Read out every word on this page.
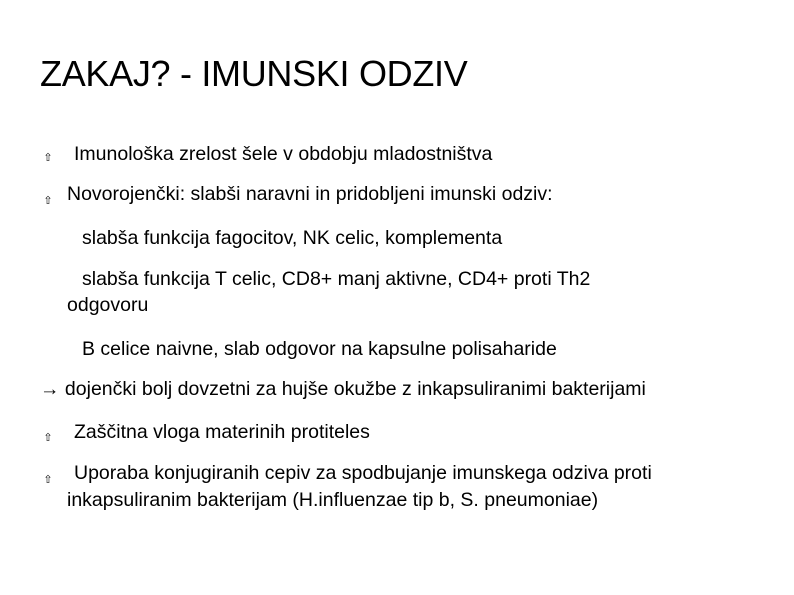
ZAKAJ? - IMUNSKI ODZIV
⇧ Imunološka zrelost šele v obdobju mladostništva
⇧ Novorojenčki: slabši naravni in pridobljeni imunski odziv:
slabša funkcija fagocitov, NK celic, komplementa
slabša funkcija T celic, CD8+ manj aktivne, CD4+ proti Th2
odgovoru
B celice naivne, slab odgovor na kapsulne polisaharide
→ dojenčki bolj dovzetni za hujše okužbe z inkapsuliranimi bakterijami
⇧ Zaščitna vloga materinih protiteles
⇧ Uporaba konjugiranih cepiv za spodbujanje imunskega odziva proti
inkapsuliranim bakterijam (H.influenzae tip b, S. pneumoniae)
